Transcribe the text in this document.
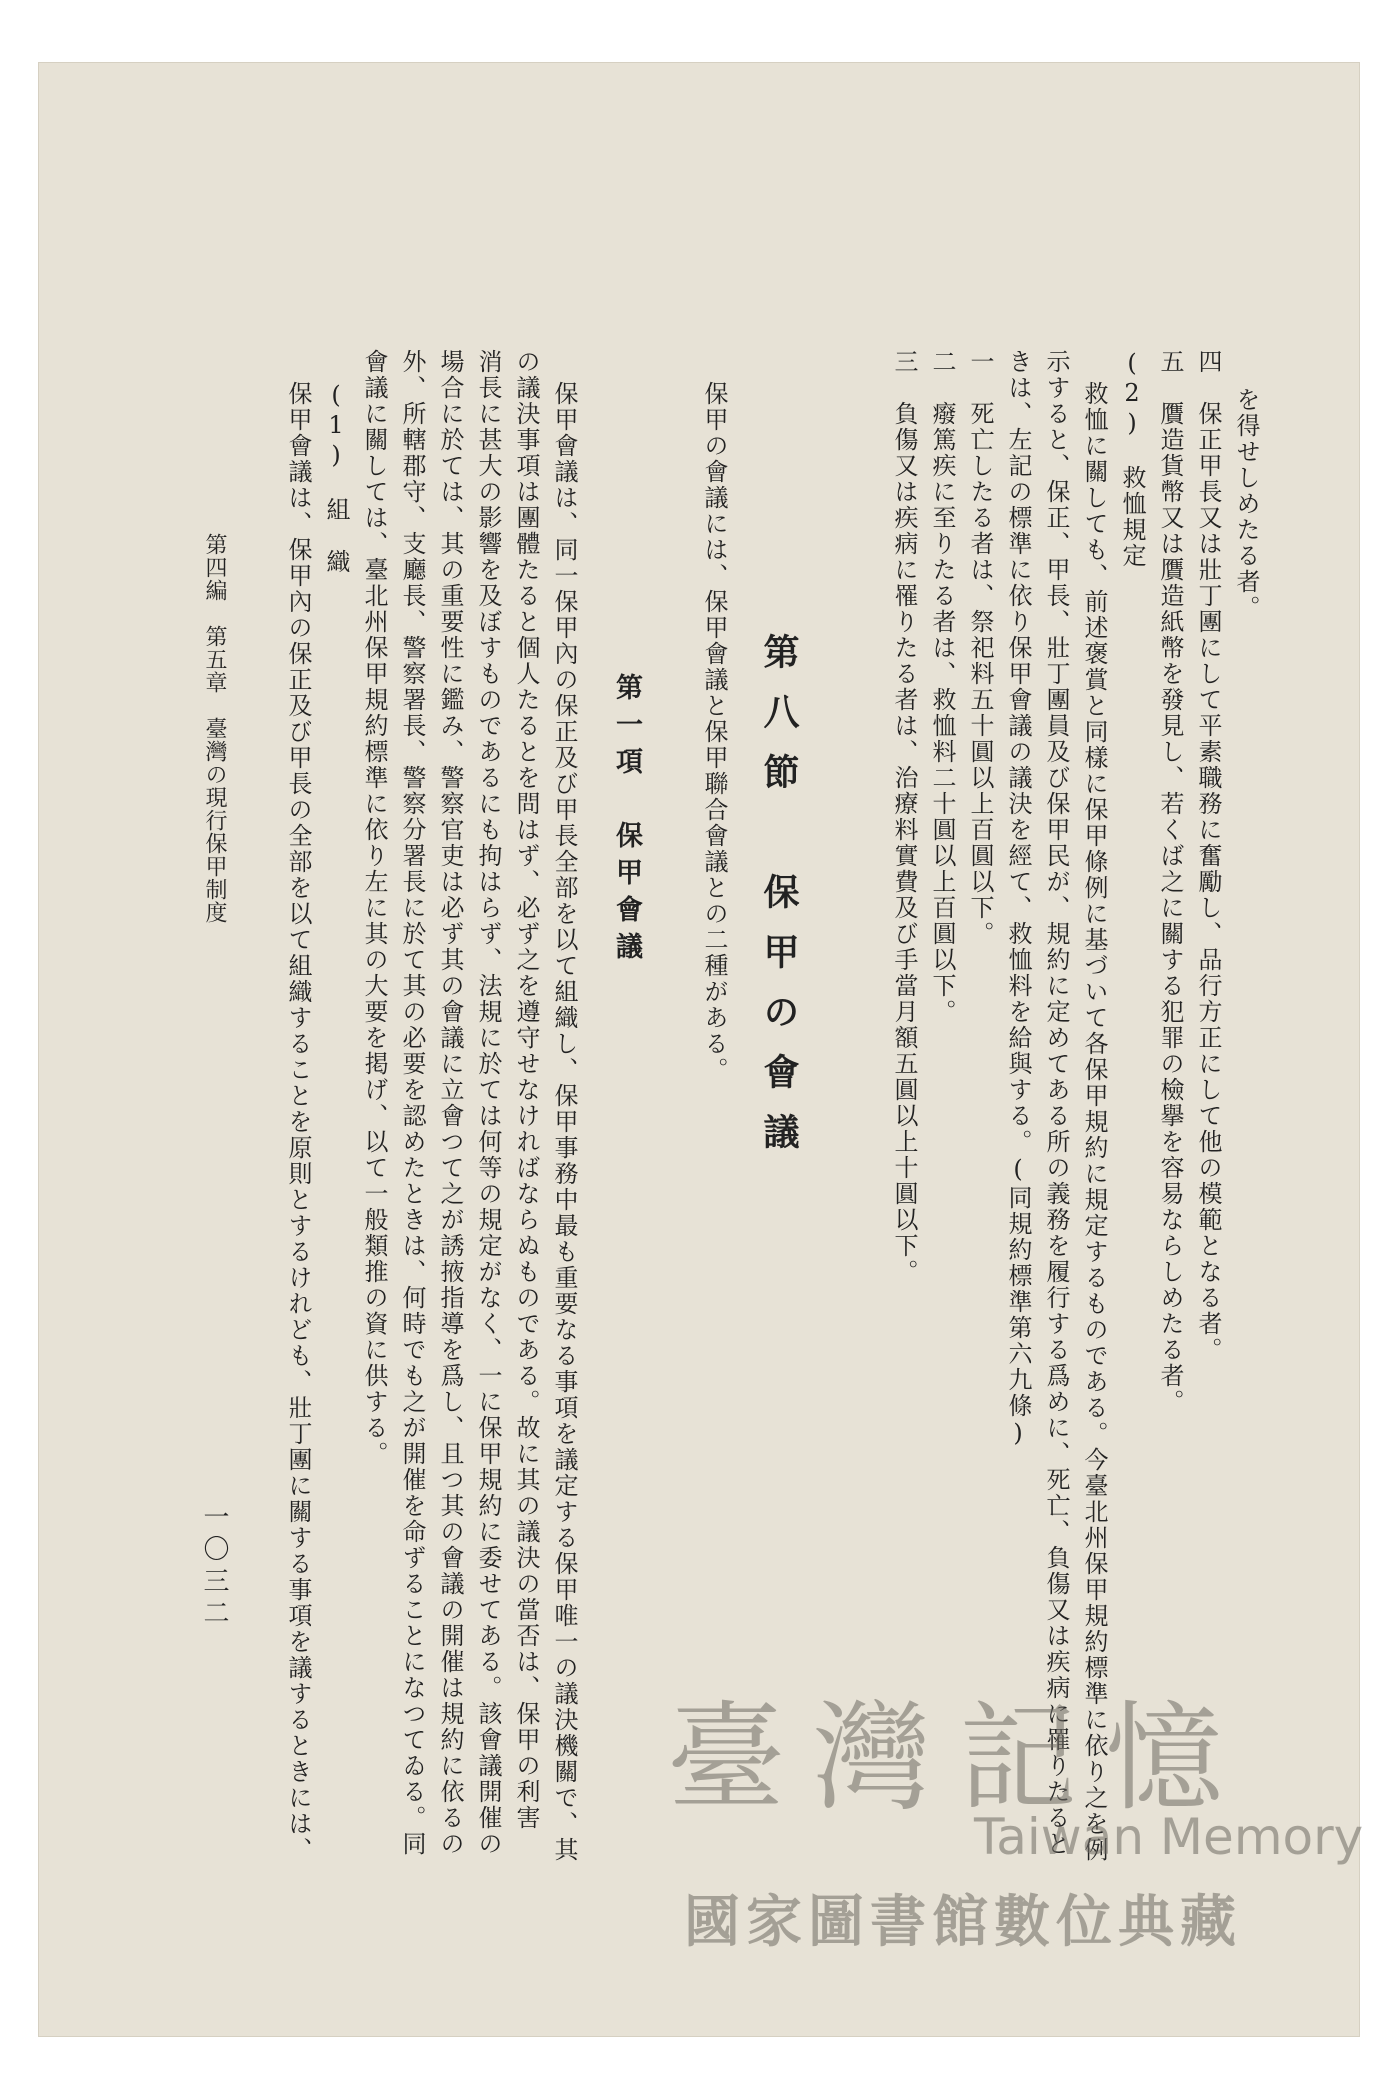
を得せしめたる者。
四　保正甲長又は壯丁團にして平素職務に奮勵し、品行方正にして他の模範となる者。
五　贋造貨幣又は贋造紙幣を發見し、若くば之に關する犯罪の檢擧を容易ならしめたる者。
(2)　救恤規定
救恤に關しても、前述褒賞と同樣に保甲條例に基づいて各保甲規約に規定するものである。今臺北州保甲規約標準に依り之を例
示すると、保正、甲長、壯丁團員及び保甲民が、規約に定めてある所の義務を履行する爲めに、死亡、負傷又は疾病に罹りたると
きは、左記の標準に依り保甲會議の議決を經て、救恤料を給與する。(同規約標準第六九條)
一　死亡したる者は、祭祀料五十圓以上百圓以下。
二　癈篤疾に至りたる者は、救恤料二十圓以上百圓以下。
三　負傷又は疾病に罹りたる者は、治療料實費及び手當月額五圓以上十圓以下。
第八節　保甲の會議
保甲の會議には、保甲會議と保甲聯合會議との二種がある。
第一項　保甲會議
保甲會議は、同一保甲內の保正及び甲長全部を以て組織し、保甲事務中最も重要なる事項を議定する保甲唯一の議決機關で、其
の議決事項は團體たると個人たるとを問はず、必ず之を遵守せなければならぬものである。故に其の議決の當否は、保甲の利害
消長に甚大の影響を及ぼすものであるにも拘はらず、法規に於ては何等の規定がなく、一に保甲規約に委せてある。該會議開催の
場合に於ては、其の重要性に鑑み、警察官吏は必ず其の會議に立會つて之が誘掖指導を爲し、且つ其の會議の開催は規約に依るの
外、所轄郡守、支廳長、警察署長、警察分署長に於て其の必要を認めたときは、何時でも之が開催を命ずることになつてゐる。同
會議に關しては、臺北州保甲規約標準に依り左に其の大要を掲げ、以て一般類推の資に供する。
(1)　組　織
保甲會議は、保甲內の保正及び甲長の全部を以て組織することを原則とするけれども、壯丁團に關する事項を議するときには、
第四編　第五章　臺灣の現行保甲制度
一〇三二
臺灣記憶
Taiwan Memory
國家圖書館數位典藏
